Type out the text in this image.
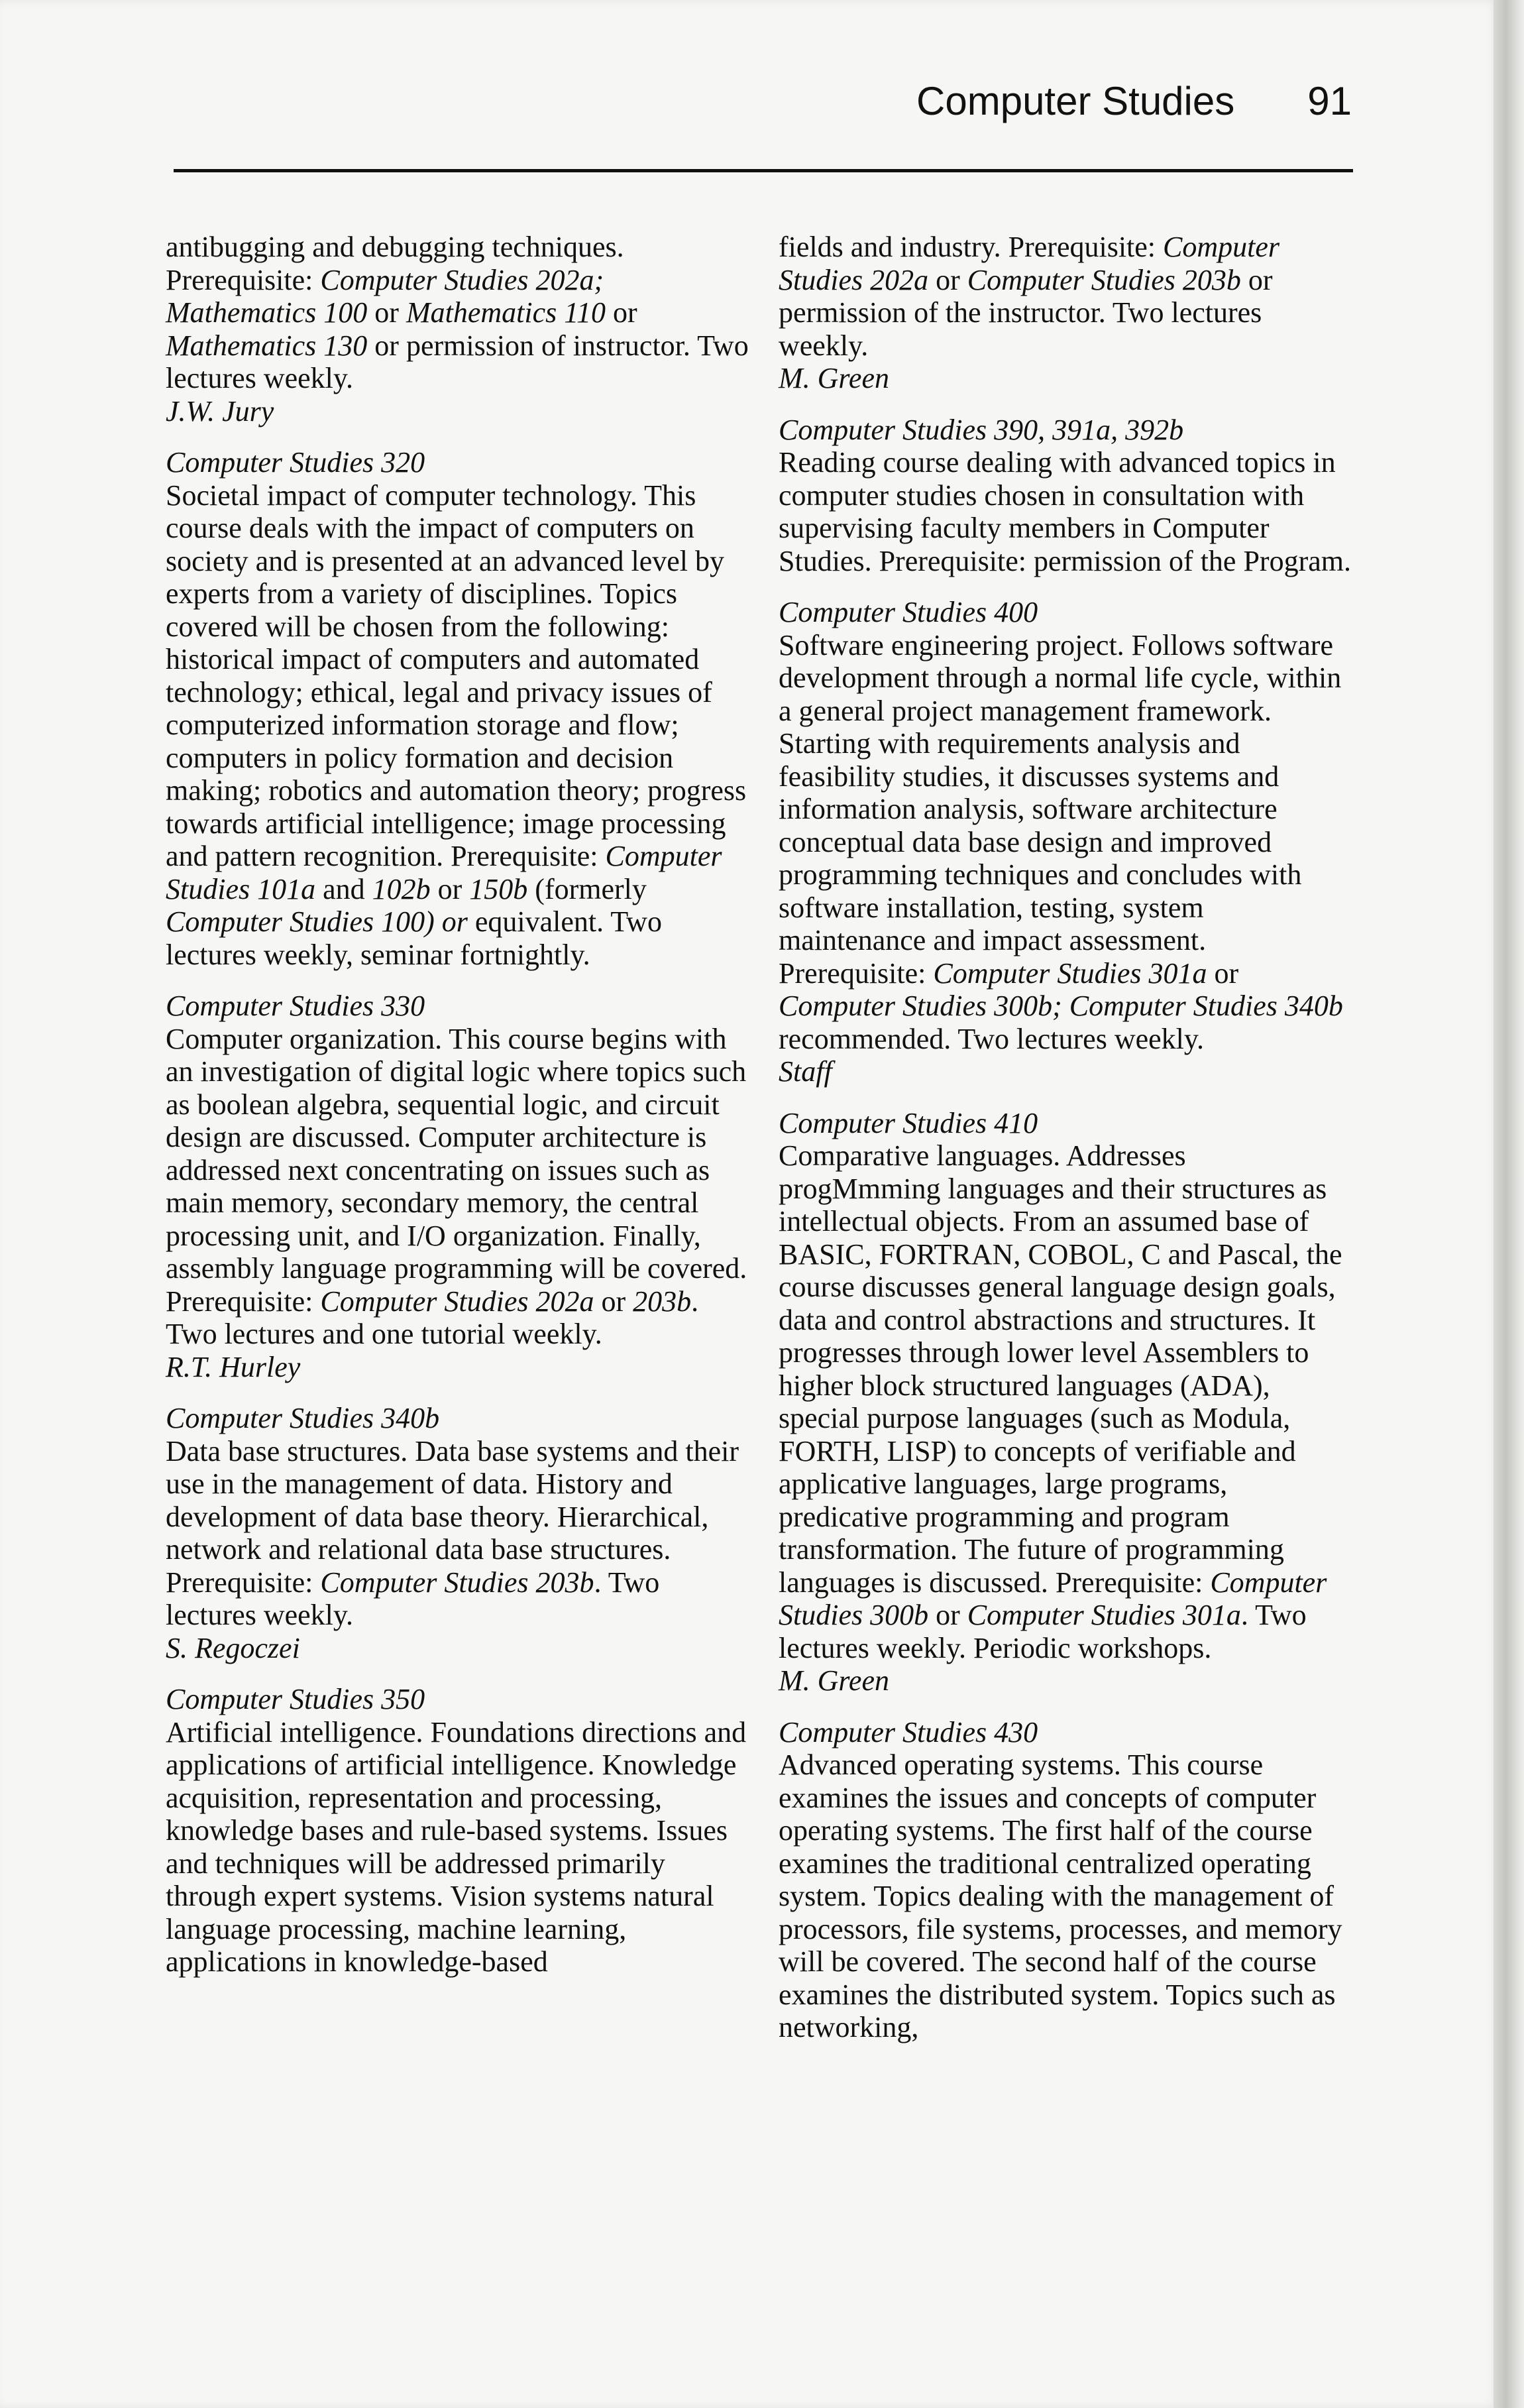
Computer Studies 91

antibugging and debugging techniques.
Prerequisite: Computer Studies 202a; Mathematics 100 or Mathematics 110 or Mathematics 130 or permission of instructor. Two lectures weekly.
J.W. Jury

Computer Studies 320

Societal impact of computer technology. This course deals with the impact of computers on society and is presented at an advanced level by experts from a variety of disciplines. Topics covered will be chosen from the following: historical impact of computers and automated technology; ethical, legal and privacy issues of computerized information storage and flow; computers in policy formation and decision making; robotics and automation theory; progress towards artificial intelligence; image processing and pattern recognition. Prerequisite: Computer Studies 101a and 102b or 150b (formerly Computer Studies 100) or equivalent. Two lectures weekly, seminar fortnightly.

Computer Studies 330

Computer organization. This course begins with an investigation of digital logic where topics such as boolean algebra, sequential logic, and circuit design are discussed. Computer architecture is addressed next concentrating on issues such as main memory, secondary memory, the central processing unit, and I/O organization. Finally, assembly language programming will be covered. Prerequisite: Computer Studies 202a or 203b. Two lectures and one tutorial weekly.

R.T. Hurley
Computer Studies 340b

Data base structures. Data base systems and their use in the management of data. History and development of data base theory. Hierarchical, network and relational data base structures. Prerequisite: Computer Studies 203b. Two lectures weekly.

S. Regoczei
Computer Studies 350

Artificial intelligence. Foundations directions and applications of artificial intelligence. Knowledge acquisition, representation and processing, knowledge bases and rule-based systems. Issues and techniques will be addressed primarily through expert systems. Vision systems natural language processing, machine learning, applications in knowledge-based

fields and industry. Prerequisite: Computer Studies 202a or Computer Studies 203b or permission of the instructor. Two lectures weekly.
M. Green

Computer Studies 390, 391a, 392b

Reading course dealing with advanced topics in computer studies chosen in consultation with supervising faculty members in Computer Studies. Prerequisite: permission of the Program.

Computer Studies 400

Software engineering project. Follows software development through a normal life cycle, within a general project management framework. Starting with requirements analysis and feasibility studies, it discusses systems and information analysis, software architecture conceptual data base design and improved programming techniques and concludes with software installation, testing, system maintenance and impact assessment. Prerequisite: Computer Studies 301a or Computer Studies 300b; Computer Studies 340b recommended. Two lectures weekly.

Staff
Computer Studies 410

Comparative languages. Addresses progMmming languages and their structures as intellectual objects. From an assumed base of BASIC, FORTRAN, COBOL, C and Pascal, the course discusses general language design goals, data and control abstractions and structures. It progresses through lower level Assemblers to higher block structured languages (ADA), special purpose languages (such as Modula, FORTH, LISP) to concepts of verifiable and applicative languages, large programs, predicative programming and program transformation. The future of programming languages is discussed. Prerequisite: Computer Studies 300b or Computer Studies 301a. Two lectures weekly. Periodic workshops.

M. Green
Computer Studies 430

Advanced operating systems. This course examines the issues and concepts of computer operating systems. The first half of the course examines the traditional centralized operating system. Topics dealing with the management of processors, file systems, processes, and memory will be covered. The second half of the course examines the distributed system. Topics such as networking,
